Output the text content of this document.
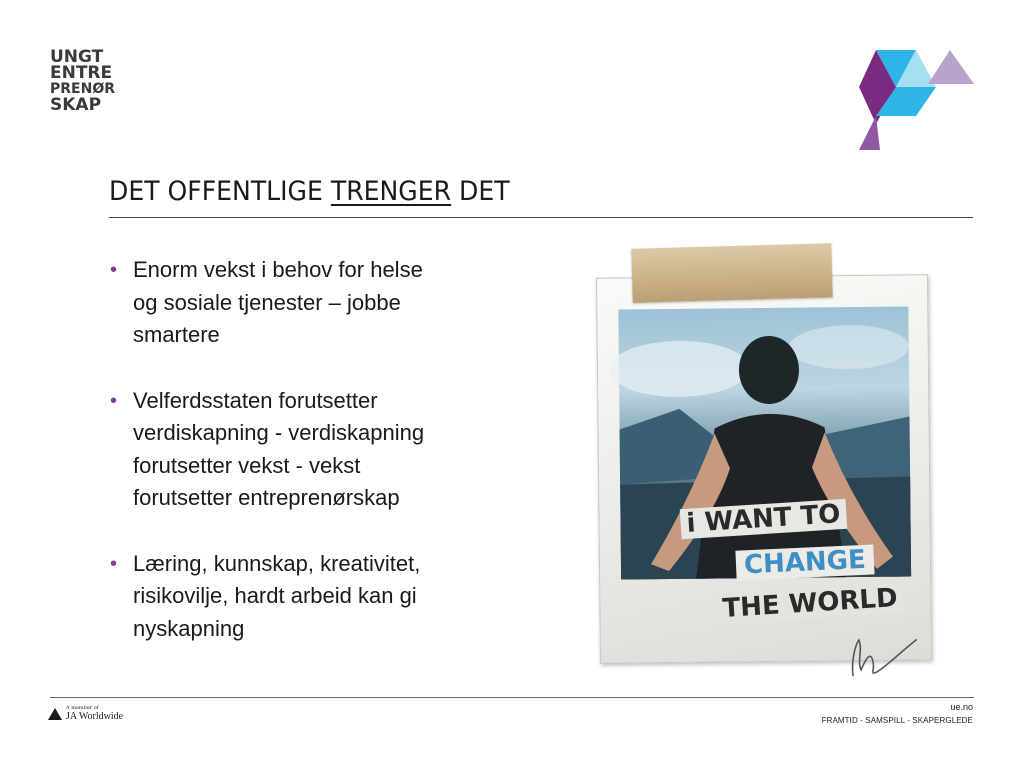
UNGT
ENTRE
PRENØR
SKAP
DET OFFENTLIGE TRENGER DET
• Enorm vekst i behov for helse
og sosiale tjenester – jobbe
smartere
• Velferdsstaten forutsetter
verdiskapning - verdiskapning
forutsetter vekst - vekst
forutsetter entreprenørskap
• Læring, kunnskap, kreativitet,
risikovilje, hardt arbeid kan gi
nyskapning
i WANT TO
CHANGE
THE WORLD
A member of
JA Worldwide
ue.no
FRAMTID - SAMSPILL - SKAPERGLEDE
